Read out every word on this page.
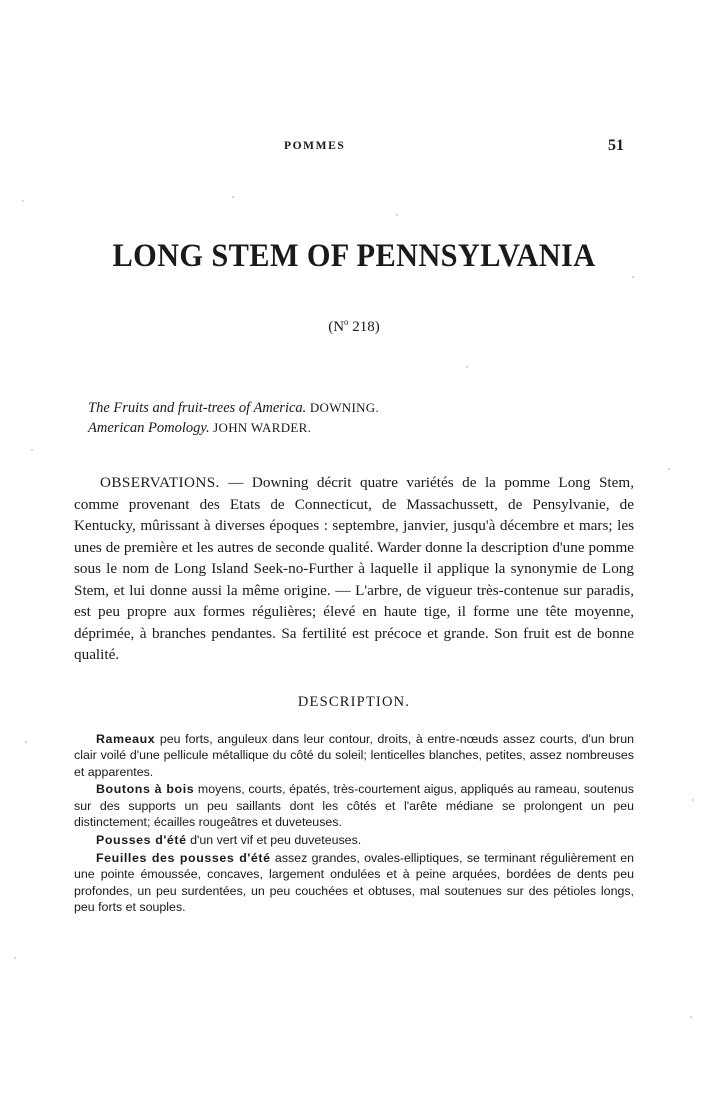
POMMES	51
LONG STEM OF PENNSYLVANIA
($N^o$ 218)
The Fruits and fruit-trees of America. DOWNING.
American Pomology. JOHN WARDER.
OBSERVATIONS. — Downing décrit quatre variétés de la pomme Long Stem, comme provenant des Etats de Connecticut, de Massachussett, de Pensylvanie, de Kentucky, mûrissant à diverses époques : septembre, janvier, jusqu'à décembre et mars; les unes de première et les autres de seconde qualité. Warder donne la description d'une pomme sous le nom de Long Island Seek-no-Further à laquelle il applique la synonymie de Long Stem, et lui donne aussi la même origine. — L'arbre, de vigueur très-contenue sur paradis, est peu propre aux formes régulières; élevé en haute tige, il forme une tête moyenne, déprimée, à branches pendantes. Sa fertilité est précoce et grande. Son fruit est de bonne qualité.
DESCRIPTION.

Rameaux peu forts, anguleux dans leur contour, droits, à entre-nœuds assez courts, d'un brun clair voilé d'une pellicule métallique du côté du soleil; lenticelles blanches, petites, assez nombreuses et apparentes.

Boutons à bois moyens, courts, épatés, très-courtement aigus, appliqués au rameau, soutenus sur des supports un peu saillants dont les côtés et l'arête médiane se prolongent un peu distinctement; écailles rougeâtres et duveteuses.

Pousses d'été d'un vert vif et peu duveteuses.

Feuilles des pousses d'été assez grandes, ovales-elliptiques, se terminant régulièrement en une pointe émoussée, concaves, largement ondulées et à peine arquées, bordées de dents peu profondes, un peu surdentées, un peu couchées et obtuses, mal soutenues sur des pétioles longs, peu forts et souples.
